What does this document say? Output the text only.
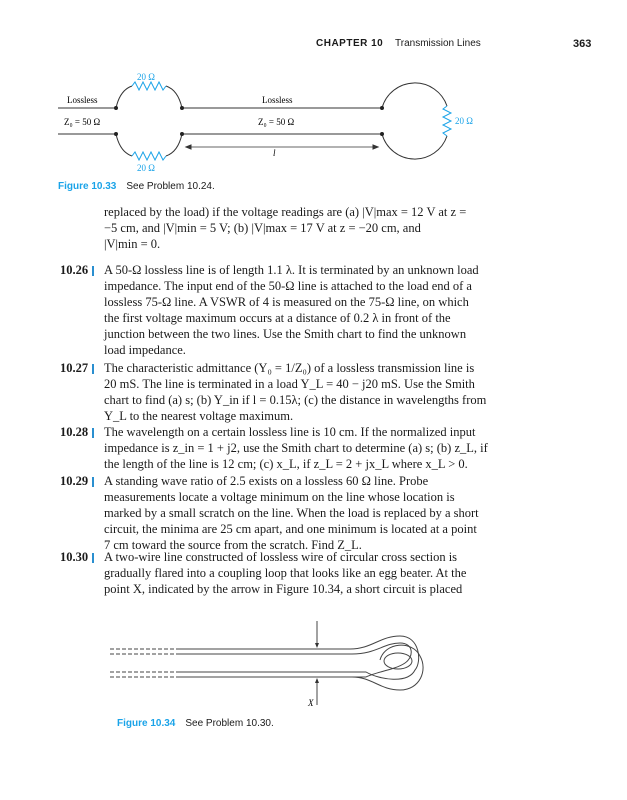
CHAPTER 10 Transmission Lines	363
Lossless
Z₀ = 50 Ω
Lossless
Z₀ = 50 Ω
20 Ω
20 Ω
20 Ω
l
Figure 10.33 See Problem 10.24.
replaced by the load) if the voltage readings are (a) |V|max = 12 V at z =
−5 cm, and |V|min = 5 V; (b) |V|max = 17 V at z = −20 cm, and
|V|min = 0.
10.26 A 50-Ω lossless line is of length 1.1 λ. It is terminated by an unknown load
impedance. The input end of the 50-Ω line is attached to the load end of a
lossless 75-Ω line. A VSWR of 4 is measured on the 75-Ω line, on which
the first voltage maximum occurs at a distance of 0.2 λ in front of the
junction between the two lines. Use the Smith chart to find the unknown
load impedance.
10.27 The characteristic admittance (Y₀ = 1/Z₀) of a lossless transmission line is
20 mS. The line is terminated in a load Y_L = 40 − j20 mS. Use the Smith
chart to find (a) s; (b) Y_in if l = 0.15λ; (c) the distance in wavelengths from
Y_L to the nearest voltage maximum.
10.28 The wavelength on a certain lossless line is 10 cm. If the normalized input
impedance is z_in = 1 + j2, use the Smith chart to determine (a) s; (b) z_L, if
the length of the line is 12 cm; (c) x_L, if z_L = 2 + jx_L where x_L > 0.
10.29 A standing wave ratio of 2.5 exists on a lossless 60 Ω line. Probe
measurements locate a voltage minimum on the line whose location is
marked by a small scratch on the line. When the load is replaced by a short
circuit, the minima are 25 cm apart, and one minimum is located at a point
7 cm toward the source from the scratch. Find Z_L.
10.30 A two-wire line constructed of lossless wire of circular cross section is
gradually flared into a coupling loop that looks like an egg beater. At the
point X, indicated by the arrow in Figure 10.34, a short circuit is placed
X
Figure 10.34 See Problem 10.30.
